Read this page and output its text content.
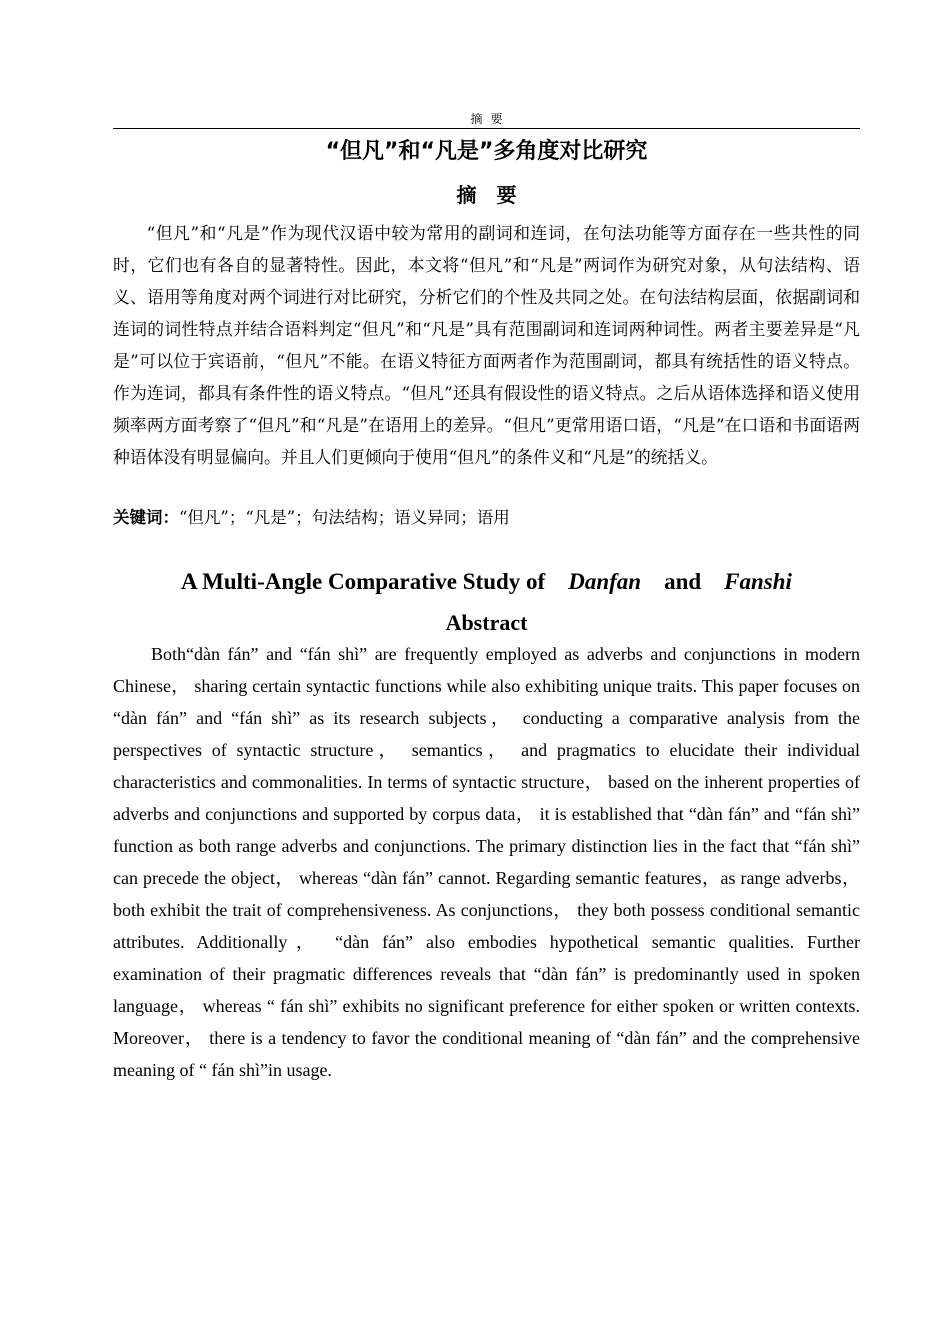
摘要
“但凡”和“凡是”多角度对比研究
摘要
“但凡”和“凡是”作为现代汉语中较为常用的副词和连词，在句法功能等方面存在一些共性的同时，它们也有各自的显著特性。因此，本文将“但凡”和“凡是”两词作为研究对象，从句法结构、语义、语用等角度对两个词进行对比研究，分析它们的个性及共同之处。在句法结构层面，依据副词和连词的词性特点并结合语料判定“但凡”和“凡是”具有范围副词和连词两种词性。两者主要差异是“凡是”可以位于宾语前，“但凡”不能。在语义特征方面两者作为范围副词，都具有统括性的语义特点。作为连词，都具有条件性的语义特点。“但凡”还具有假设性的语义特点。之后从语体选择和语义使用频率两方面考察了“但凡”和“凡是”在语用上的差异。“但凡”更常用语口语，“凡是”在口语和书面语两种语体没有明显偏向。并且人们更倾向于使用“但凡”的条件义和“凡是”的统括义。
关键词：“但凡”；“凡是”；句法结构；语义异同；语用
A Multi-Angle Comparative Study of Danfan and Fanshi
Abstract
Both“dàn fán” and “fán shì” are frequently employed as adverbs and conjunctions in modern Chinese， sharing certain syntactic functions while also exhibiting unique traits. This paper focuses on “dàn fán” and “fán shì” as its research subjects， conducting a comparative analysis from the perspectives of syntactic structure， semantics， and pragmatics to elucidate their individual characteristics and commonalities. In terms of syntactic structure， based on the inherent properties of adverbs and conjunctions and supported by corpus data， it is established that “dàn fán” and “fán shì” function as both range adverbs and conjunctions. The primary distinction lies in the fact that “fán shì” can precede the object， whereas “dàn fán” cannot. Regarding semantic features，as range adverbs，both exhibit the trait of comprehensiveness. As conjunctions， they both possess conditional semantic attributes. Additionally， “dàn fán” also embodies hypothetical semantic qualities. Further examination of their pragmatic differences reveals that “dàn fán” is predominantly used in spoken language， whereas “ fán shì” exhibits no significant preference for either spoken or written contexts. Moreover， there is a tendency to favor the conditional meaning of “dàn fán” and the comprehensive meaning of “ fán shì”in usage.
